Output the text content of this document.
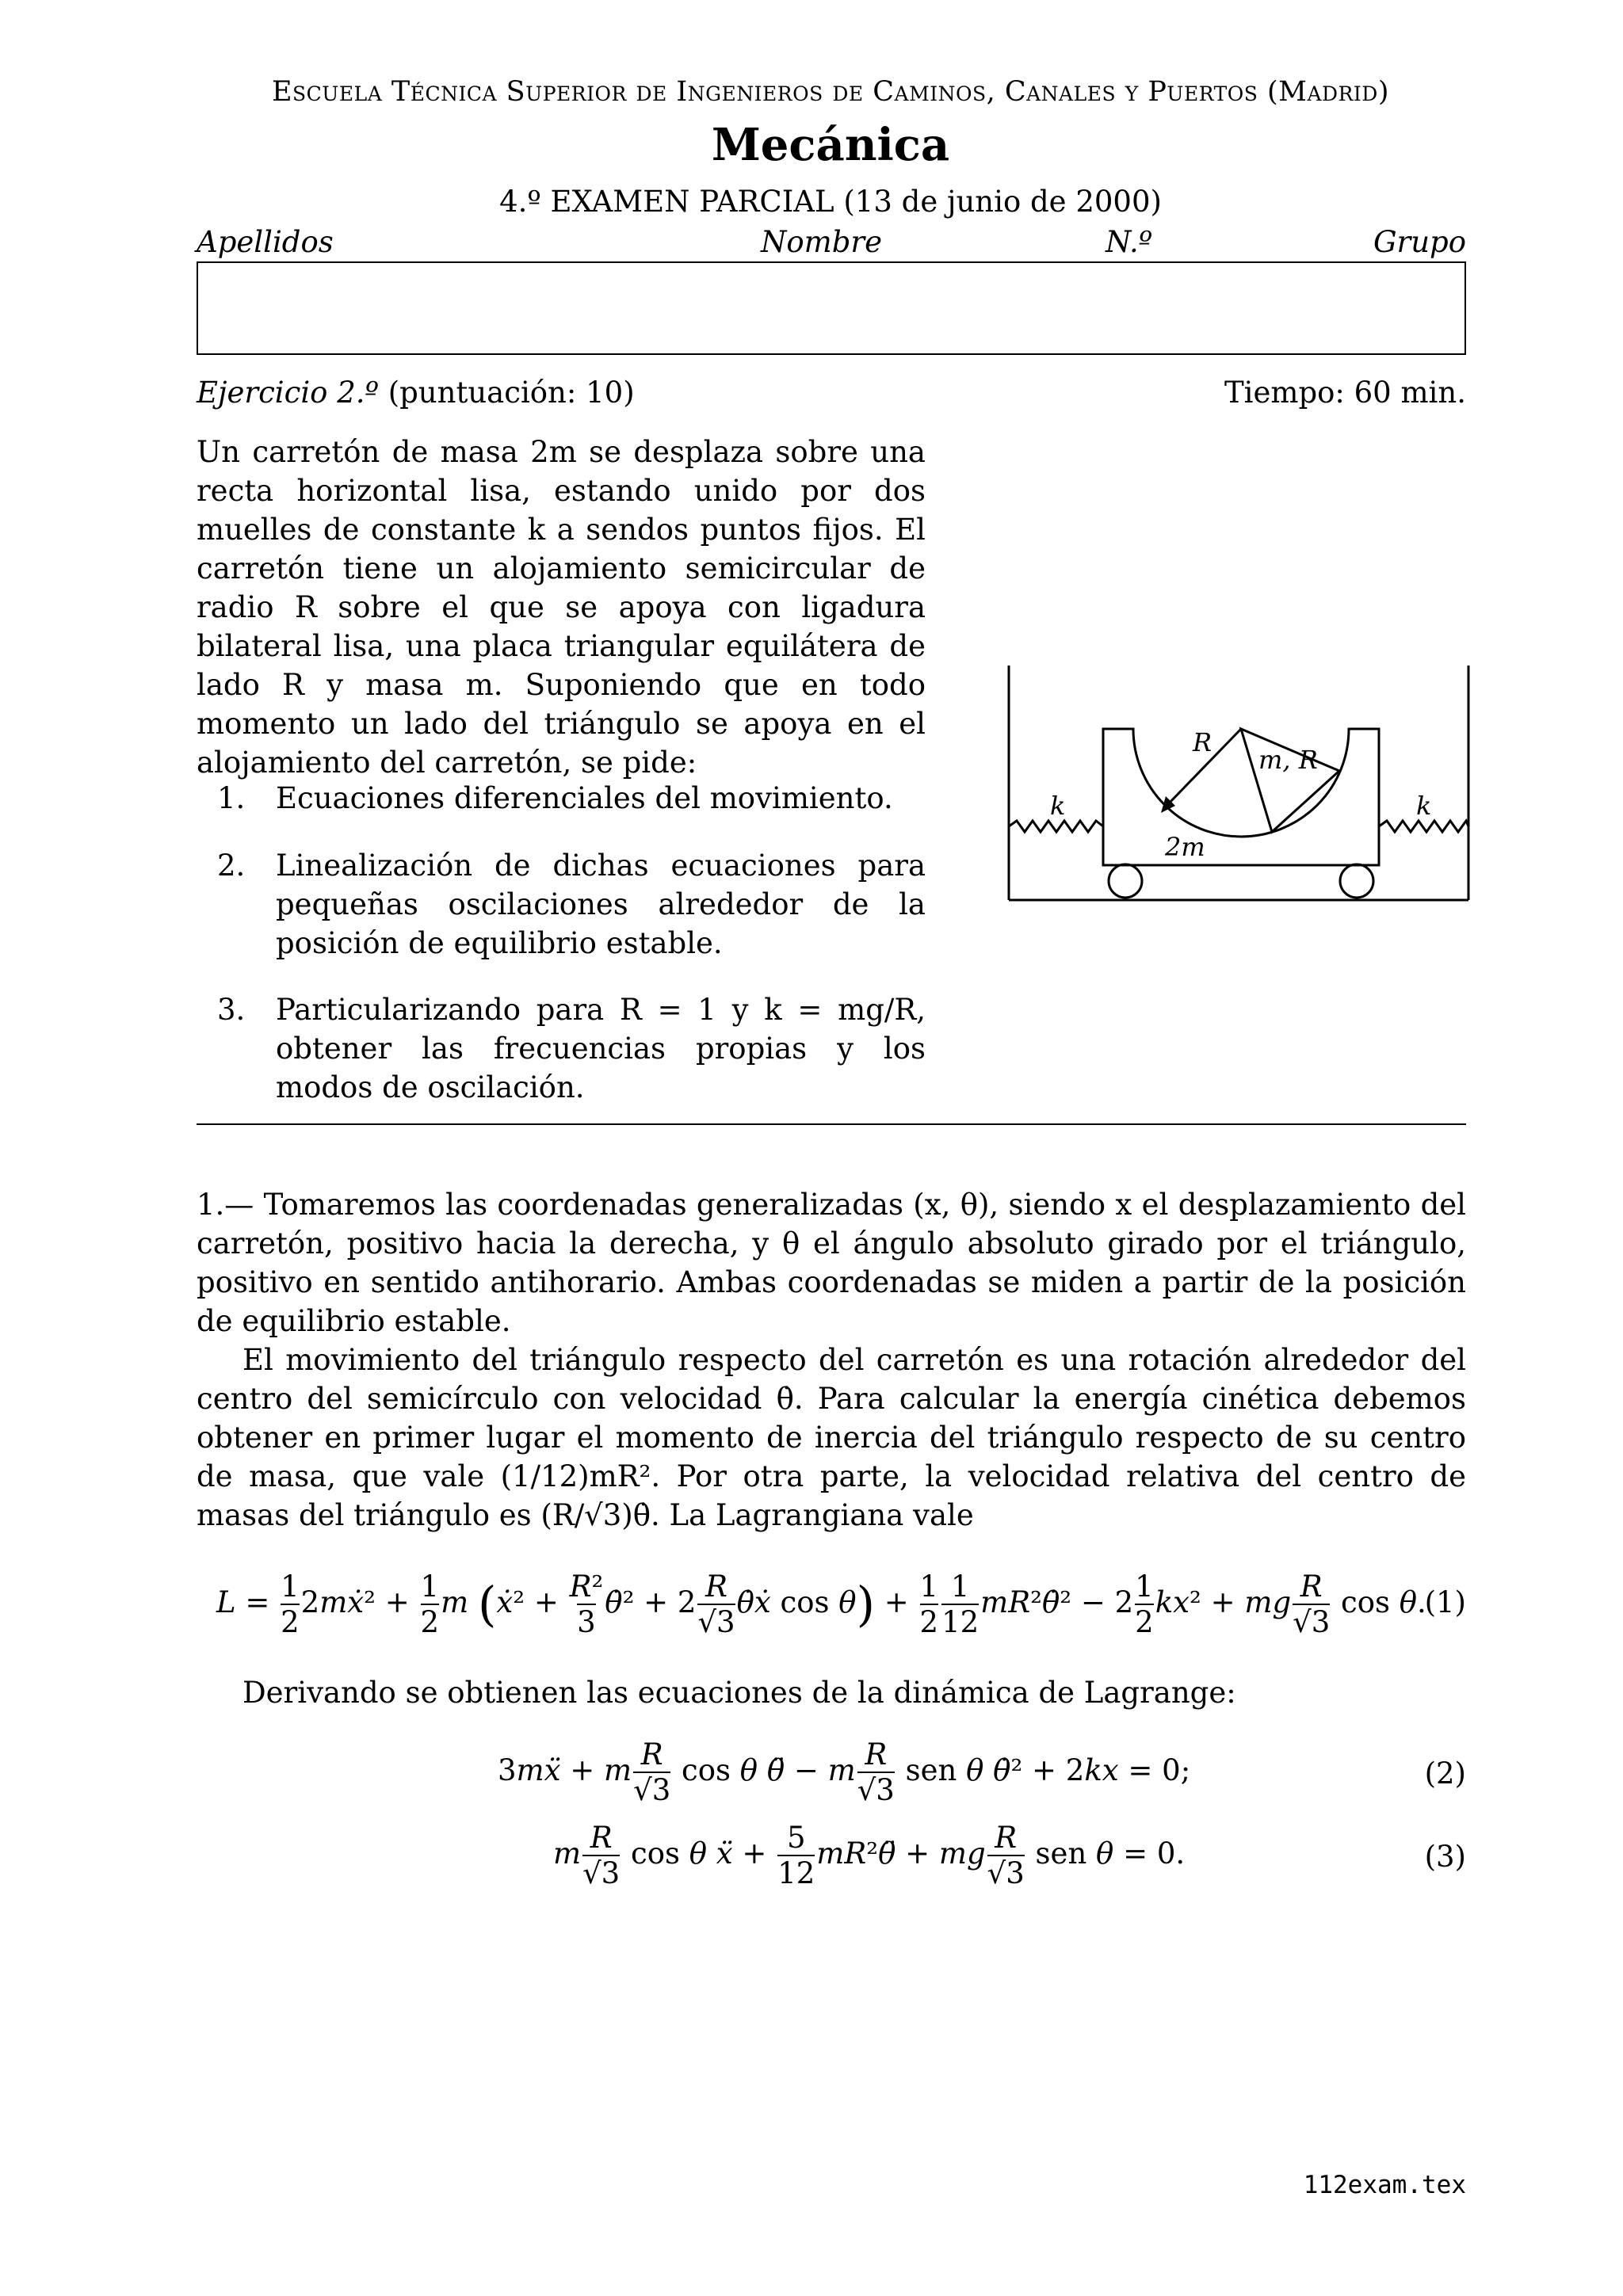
Escuela Técnica Superior de Ingenieros de Caminos, Canales y Puertos (Madrid)
Mecánica
4.º EXAMEN PARCIAL (13 de junio de 2000)
Apellidos	Nombre	N.º	Grupo
Ejercicio 2.º (puntuación: 10)	Tiempo: 60 min.
Un carretón de masa 2m se desplaza sobre una recta horizontal lisa, estando unido por dos muelles de constante k a sendos puntos fijos. El carretón tiene un alojamiento semicircular de radio R sobre el que se apoya con ligadura bilateral lisa, una placa triangular equilátera de lado R y masa m. Suponiendo que en todo momento un lado del triángulo se apoya en el alojamiento del carretón, se pide:
1. Ecuaciones diferenciales del movimiento.
2. Linealización de dichas ecuaciones para pequeñas oscilaciones alrededor de la posición de equilibrio estable.
3. Particularizando para R = 1 y k = mg/R, obtener las frecuencias propias y los modos de oscilación.
k	k
R
m, R
2m
1.— Tomaremos las coordenadas generalizadas (x, θ), siendo x el desplazamiento del carretón, positivo hacia la derecha, y θ el ángulo absoluto girado por el triángulo, positivo en sentido antihorario. Ambas coordenadas se miden a partir de la posición de equilibrio estable.
El movimiento del triángulo respecto del carretón es una rotación alrededor del centro del semicírculo con velocidad θ̇. Para calcular la energía cinética debemos obtener en primer lugar el momento de inercia del triángulo respecto de su centro de masa, que vale (1/12)mR². Por otra parte, la velocidad relativa del centro de masas del triángulo es (R/√3)θ̇. La Lagrangiana vale
$L = \frac{1}{2}$ 2mẋ² + $\frac{1}{2}$ m (ẋ² + $\frac{\text{R²}}{3}$ θ̇² + $2 \frac{R}{√3}$ θ̇ẋ $\cos \theta) + \frac{1}{2} \frac{1}{12}$ mR²θ̇² − $2 \frac{1}{2} kx^2$ + mg $\frac{R}{√3}$ cos θ.
(1)
Derivando se obtienen las ecuaciones de la dinámica de Lagrange:
3mẍ + m $\frac{R}{√3}$ cos θ θ̈ − m $\frac{R}{√3}$ sen θ θ̇² + 2kx = 0;	(2)
m $\frac{R}{√3}$ cos θ ẍ + $\frac{5}{12}$ mR²θ̈ + mg $\frac{R}{√3}$ sen θ = 0.	(3)
112exam.tex
